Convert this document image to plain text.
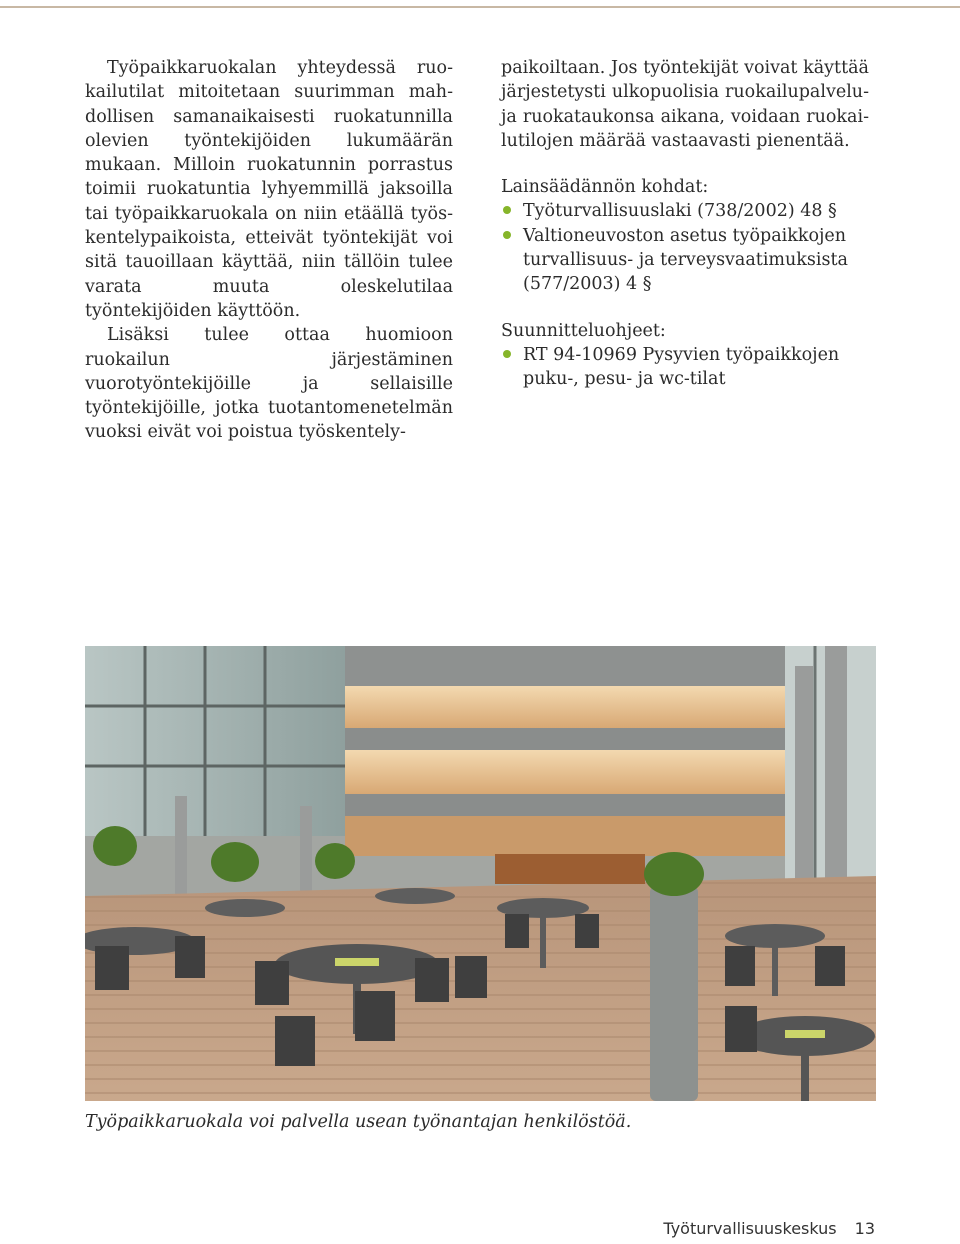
Työpaikkaruokalan yhteydessä ruokailutilat mitoitetaan suurimman mahdollisen samanaikaisesti ruokatunnilla olevien työntekijöiden lukumäärän mukaan. Milloin ruokatunnin porrastus toimii ruokatuntia lyhyemmillä jaksoilla tai työpaikkaruokala on niin etäällä työskentelypaikoista, etteivät työntekijät voi sitä tauoillaan käyttää, niin tällöin tulee varata muuta oleskelutilaa työntekijöiden käyttöön.

Lisäksi tulee ottaa huomioon ruokailun järjestäminen vuorotyöntekijöille ja sellaisille työntekijöille, jotka tuotantomenetelmän vuoksi eivät voi poistua työskentely-

paikoiltaan. Jos työntekijät voivat käyttää järjestetysti ulkopuolisia ruokailupalveluja ruokataukonsa aikana, voidaan ruokailutilojen määrää vastaavasti pienentää.

Lainsäädännön kohdat:

Työturvallisuuslaki (738/2002) 48 §
Valtioneuvoston asetus työpaikkojen turvallisuus- ja terveysvaatimuksista (577/2003) 4 §

Suunnitteluohjeet:

RT 94-10969 Pysyvien työpaikkojen puku-, pesu- ja wc-tilat
Työpaikkaruokala voi palvella usean työnantajan henkilöstöä.
Työturvallisuuskeskus 13
